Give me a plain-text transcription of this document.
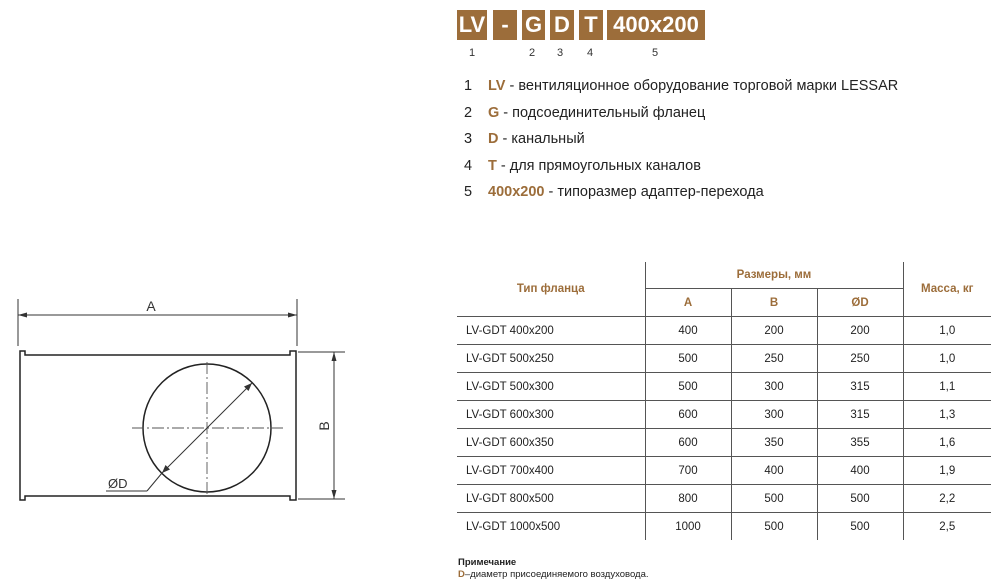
LV - G D T 400x200
1	2 3 4	5
1 LV - вентиляционное оборудование торговой марки LESSAR
2 G - подсоединительный фланец
3 D - канальный
4 T - для прямоугольных каналов
5 400x200 - типоразмер адаптер-перехода
A
B
ØD
Тип фланца	Размеры, мм			Масса, кг
	A	B	ØD	
LV-GDT 400x200	400	200	200	1,0
LV-GDT 500x250	500	250	250	1,0
LV-GDT 500x300	500	300	315	1,1
LV-GDT 600x300	600	300	315	1,3
LV-GDT 600x350	600	350	355	1,6
LV-GDT 700x400	700	400	400	1,9
LV-GDT 800x500	800	500	500	2,2
LV-GDT 1000x500	1000	500	500	2,5
Примечание
D–диаметр присоединяемого воздуховода.
